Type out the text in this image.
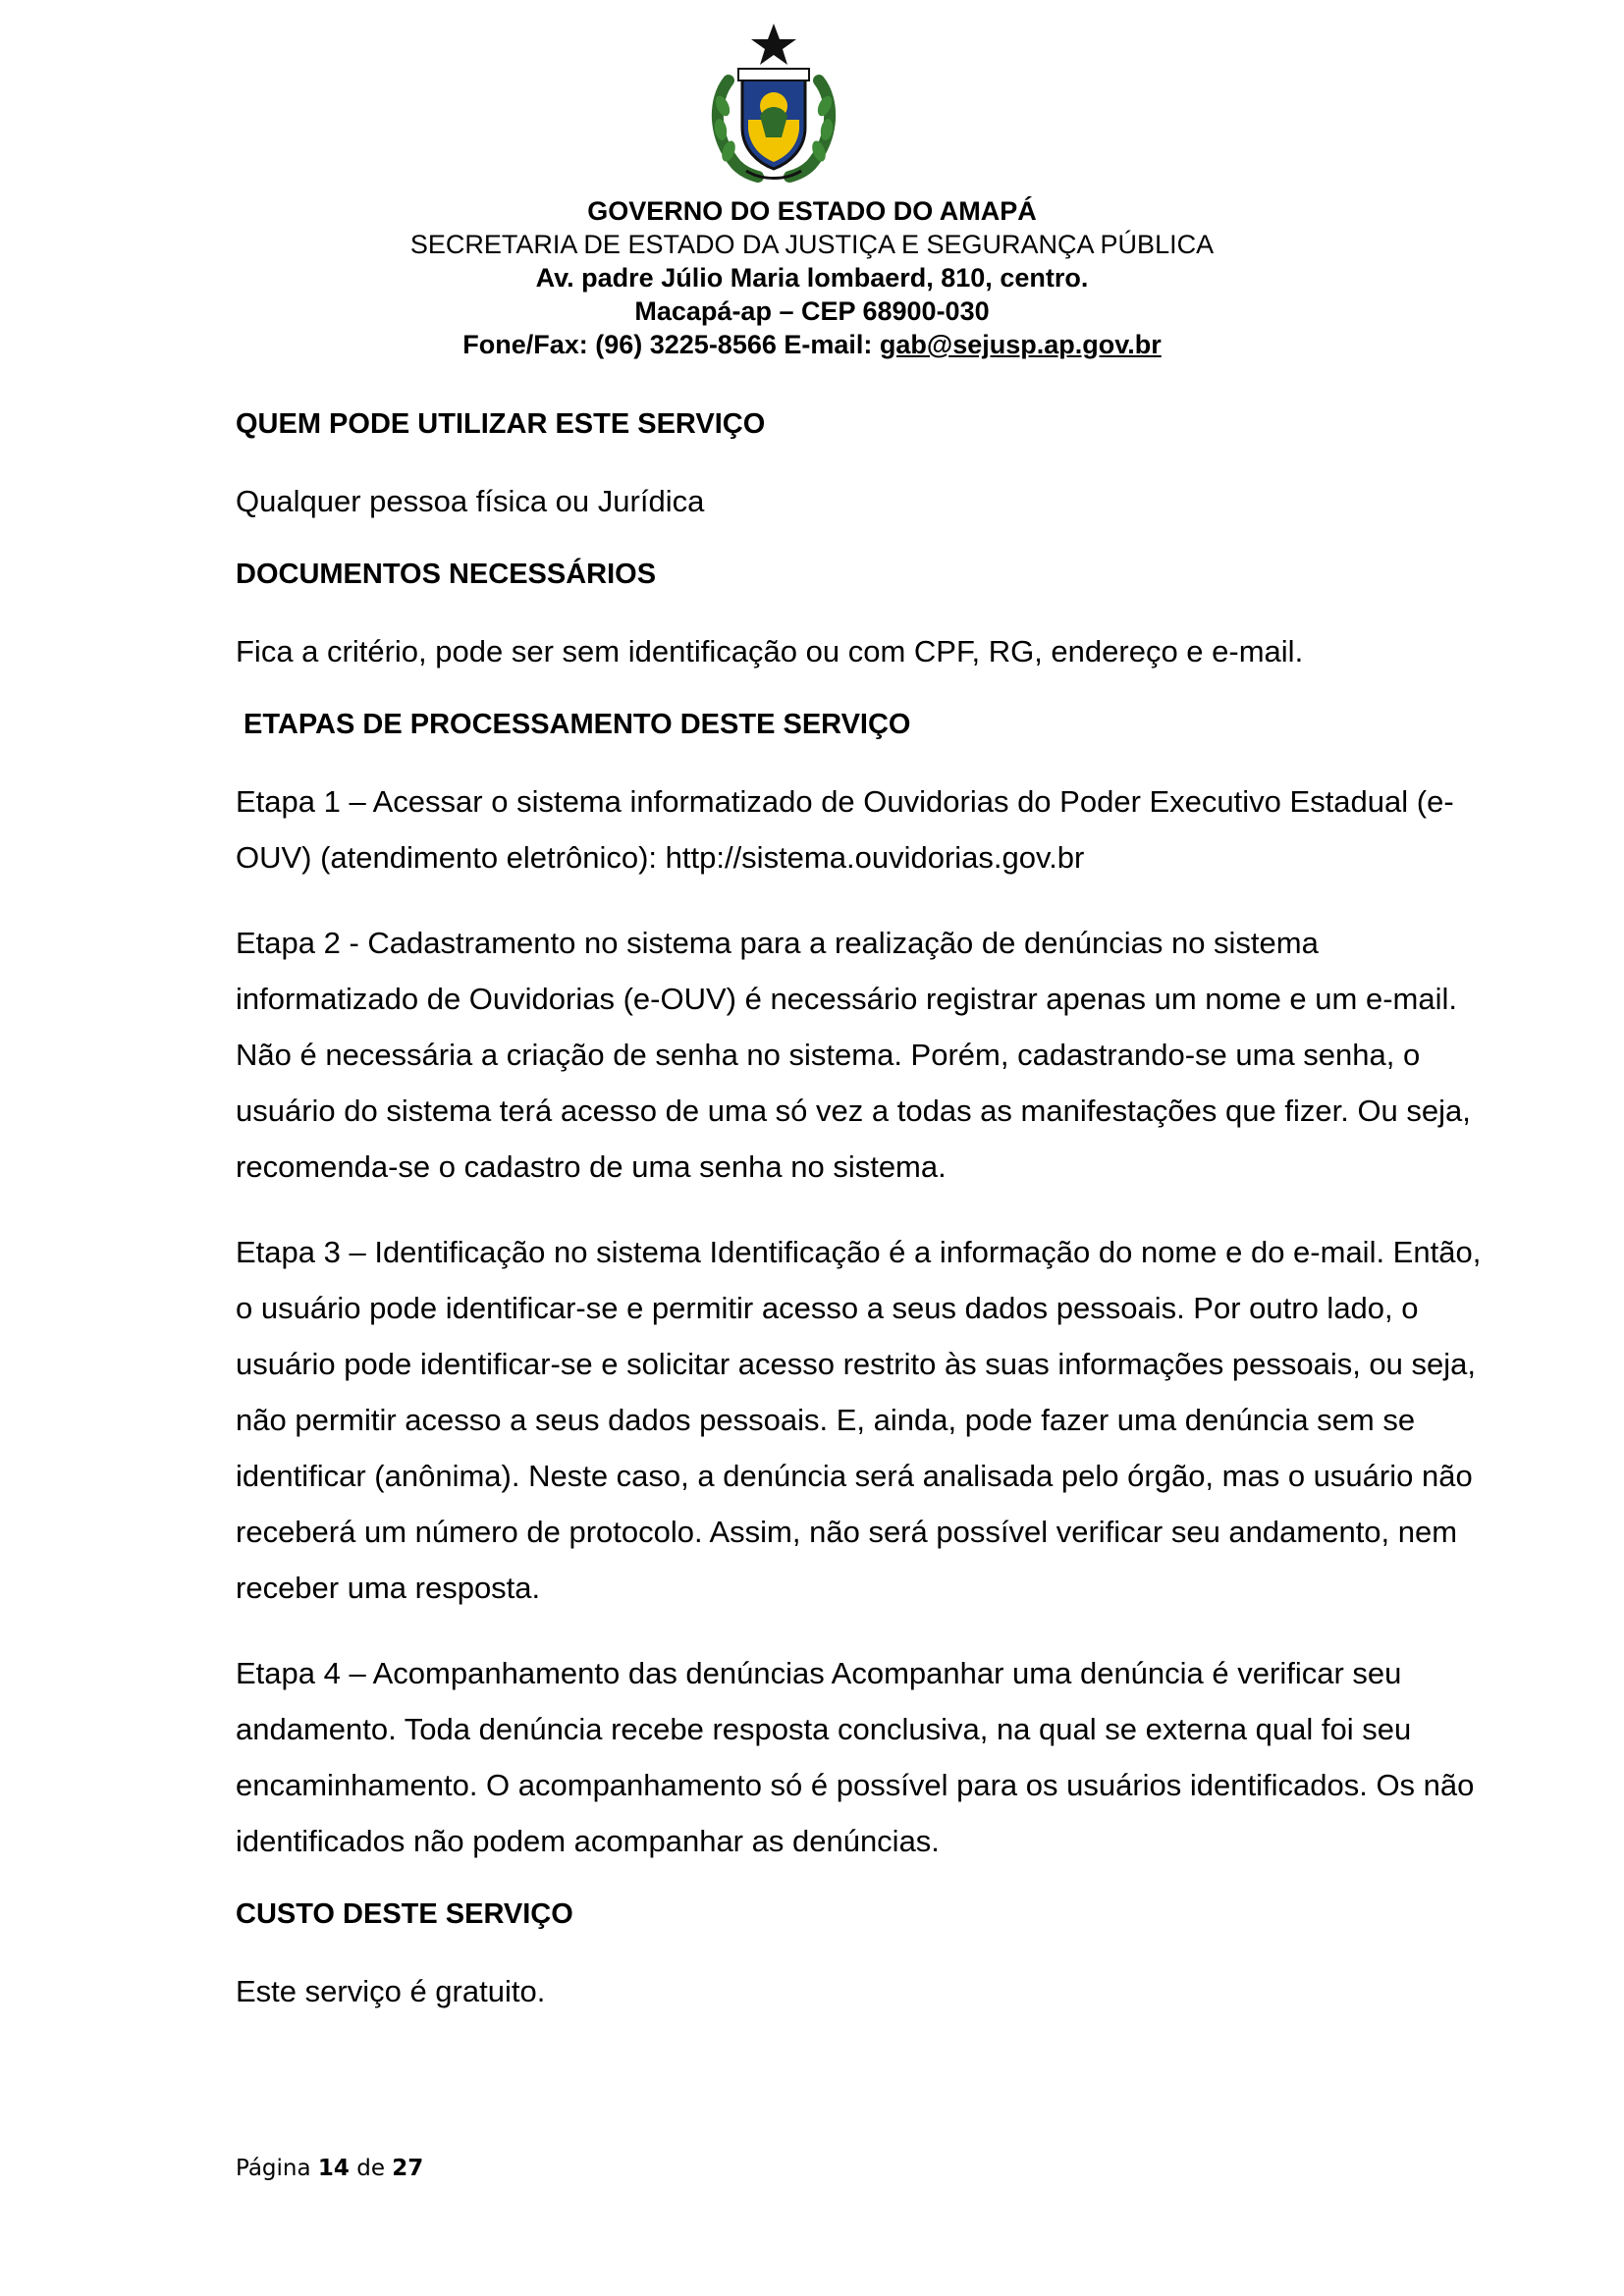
GOVERNO DO ESTADO DO AMAPÁ
SECRETARIA DE ESTADO DA JUSTIÇA E SEGURANÇA PÚBLICA
Av. padre Júlio Maria lombaerd, 810, centro.
Macapá-ap – CEP 68900-030
Fone/Fax: (96) 3225-8566 E-mail: gab@sejusp.ap.gov.br

QUEM PODE UTILIZAR ESTE SERVIÇO

Qualquer pessoa física ou Jurídica

DOCUMENTOS NECESSÁRIOS

Fica a critério, pode ser sem identificação ou com CPF, RG, endereço e e-mail.

ETAPAS DE PROCESSAMENTO DESTE SERVIÇO

Etapa 1 – Acessar o sistema informatizado de Ouvidorias do Poder Executivo Estadual (e-OUV) (atendimento eletrônico): http://sistema.ouvidorias.gov.br

Etapa 2 - Cadastramento no sistema para a realização de denúncias no sistema informatizado de Ouvidorias (e-OUV) é necessário registrar apenas um nome e um e-mail. Não é necessária a criação de senha no sistema. Porém, cadastrando-se uma senha, o usuário do sistema terá acesso de uma só vez a todas as manifestações que fizer. Ou seja, recomenda-se o cadastro de uma senha no sistema.

Etapa 3 – Identificação no sistema Identificação é a informação do nome e do e-mail. Então, o usuário pode identificar-se e permitir acesso a seus dados pessoais. Por outro lado, o usuário pode identificar-se e solicitar acesso restrito às suas informações pessoais, ou seja, não permitir acesso a seus dados pessoais. E, ainda, pode fazer uma denúncia sem se identificar (anônima). Neste caso, a denúncia será analisada pelo órgão, mas o usuário não receberá um número de protocolo. Assim, não será possível verificar seu andamento, nem receber uma resposta.

Etapa 4 – Acompanhamento das denúncias Acompanhar uma denúncia é verificar seu andamento. Toda denúncia recebe resposta conclusiva, na qual se externa qual foi seu encaminhamento. O acompanhamento só é possível para os usuários identificados. Os não identificados não podem acompanhar as denúncias.

CUSTO DESTE SERVIÇO

Este serviço é gratuito.

Página 14 de 27
